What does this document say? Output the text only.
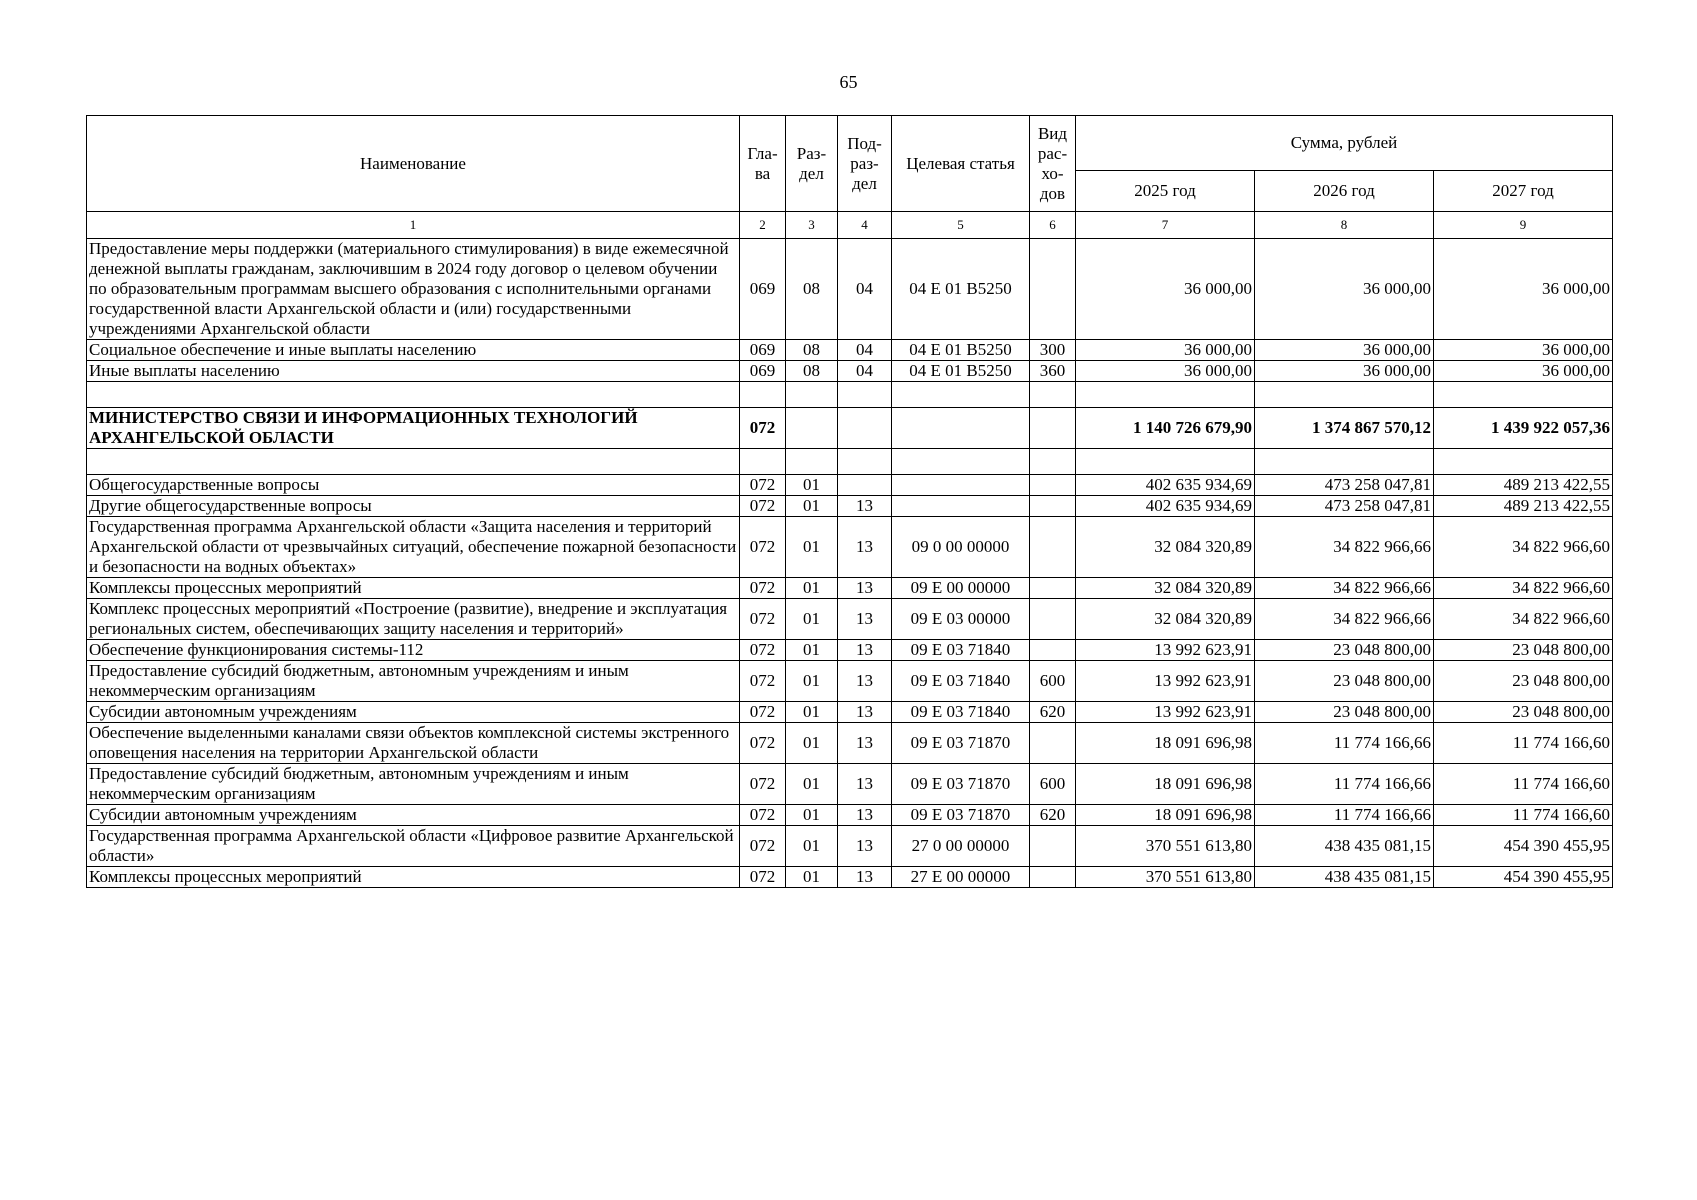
65
Наименование	Гла-ва	Раз-дел	Под-раз-дел	Целевая статья	Вид рас-хо-дов	Сумма, рублей		
						2025 год	2026 год	2027 год
1	2	3	4	5	6	7	8	9
Предоставление меры поддержки (материального стимулирования) в виде ежемесячной денежной выплаты гражданам, заключившим в 2024 году договор о целевом обучении по образовательным программам высшего образования с исполнительными органами государственной власти Архангельской области и (или) государственными учреждениями Архангельской области	069	08	04	04 Е 01 В5250		36 000,00	36 000,00	36 000,00
Социальное обеспечение и иные выплаты населению	069	08	04	04 Е 01 В5250	300	36 000,00	36 000,00	36 000,00
Иные выплаты населению	069	08	04	04 Е 01 В5250	360	36 000,00	36 000,00	36 000,00

МИНИСТЕРСТВО СВЯЗИ И ИНФОРМАЦИОННЫХ ТЕХНОЛОГИЙ АРХАНГЕЛЬСКОЙ ОБЛАСТИ	072					1 140 726 679,90	1 374 867 570,12	1 439 922 057,36

Общегосударственные вопросы	072	01				402 635 934,69	473 258 047,81	489 213 422,55
Другие общегосударственные вопросы	072	01	13			402 635 934,69	473 258 047,81	489 213 422,55
Государственная программа Архангельской области «Защита населения и территорий Архангельской области от чрезвычайных ситуаций, обеспечение пожарной безопасности и безопасности на водных объектах»	072	01	13	09 0 00 00000		32 084 320,89	34 822 966,66	34 822 966,60
Комплексы процессных мероприятий	072	01	13	09 Е 00 00000		32 084 320,89	34 822 966,66	34 822 966,60
Комплекс процессных мероприятий «Построение (развитие), внедрение и эксплуатация региональных систем, обеспечивающих защиту населения и территорий»	072	01	13	09 Е 03 00000		32 084 320,89	34 822 966,66	34 822 966,60
Обеспечение функционирования системы-112	072	01	13	09 Е 03 71840		13 992 623,91	23 048 800,00	23 048 800,00
Предоставление субсидий бюджетным, автономным учреждениям и иным некоммерческим организациям	072	01	13	09 Е 03 71840	600	13 992 623,91	23 048 800,00	23 048 800,00
Субсидии автономным учреждениям	072	01	13	09 Е 03 71840	620	13 992 623,91	23 048 800,00	23 048 800,00
Обеспечение выделенными каналами связи объектов комплексной системы экстренного оповещения населения на территории Архангельской области	072	01	13	09 Е 03 71870		18 091 696,98	11 774 166,66	11 774 166,60
Предоставление субсидий бюджетным, автономным учреждениям и иным некоммерческим организациям	072	01	13	09 Е 03 71870	600	18 091 696,98	11 774 166,66	11 774 166,60
Субсидии автономным учреждениям	072	01	13	09 Е 03 71870	620	18 091 696,98	11 774 166,66	11 774 166,60
Государственная программа Архангельской области «Цифровое развитие Архангельской области»	072	01	13	27 0 00 00000		370 551 613,80	438 435 081,15	454 390 455,95
Комплексы процессных мероприятий	072	01	13	27 Е 00 00000		370 551 613,80	438 435 081,15	454 390 455,95
